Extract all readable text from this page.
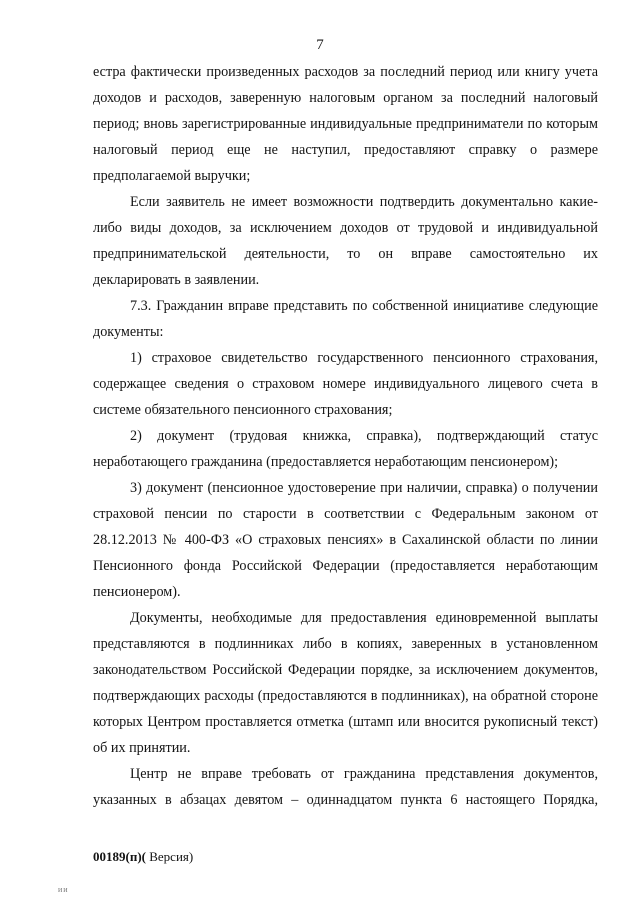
7

естра фактически произведенных расходов за последний период или книгу учета доходов и расходов, заверенную налоговым органом за последний налоговый период; вновь зарегистрированные индивидуальные предприниматели по которым налоговый период еще не наступил, предоставляют справку о размере предполагаемой выручки;

Если заявитель не имеет возможности подтвердить документально какие-либо виды доходов, за исключением доходов от трудовой и индивидуальной предпринимательской деятельности, то он вправе самостоятельно их декларировать в заявлении.

7.3. Гражданин вправе представить по собственной инициативе следующие документы:

1) страховое свидетельство государственного пенсионного страхования, содержащее сведения о страховом номере индивидуального лицевого счета в системе обязательного пенсионного страхования;

2) документ (трудовая книжка, справка), подтверждающий статус неработающего гражданина (предоставляется неработающим пенсионером);

3) документ (пенсионное удостоверение при наличии, справка) о получении страховой пенсии по старости в соответствии с Федеральным законом от 28.12.2013 № 400-ФЗ «О страховых пенсиях» в Сахалинской области по линии Пенсионного фонда Российской Федерации (предоставляется неработающим пенсионером).

Документы, необходимые для предоставления единовременной выплаты представляются в подлинниках либо в копиях, заверенных в установленном законодательством Российской Федерации порядке, за исключением документов, подтверждающих расходы (предоставляются в подлинниках), на обратной стороне которых Центром проставляется отметка (штамп или вносится рукописный текст) об их принятии.

Центр не вправе требовать от гражданина представления документов, указанных в абзацах девятом – одиннадцатом пункта 6 настоящего Порядка,

00189(п)( Версия)
ии
